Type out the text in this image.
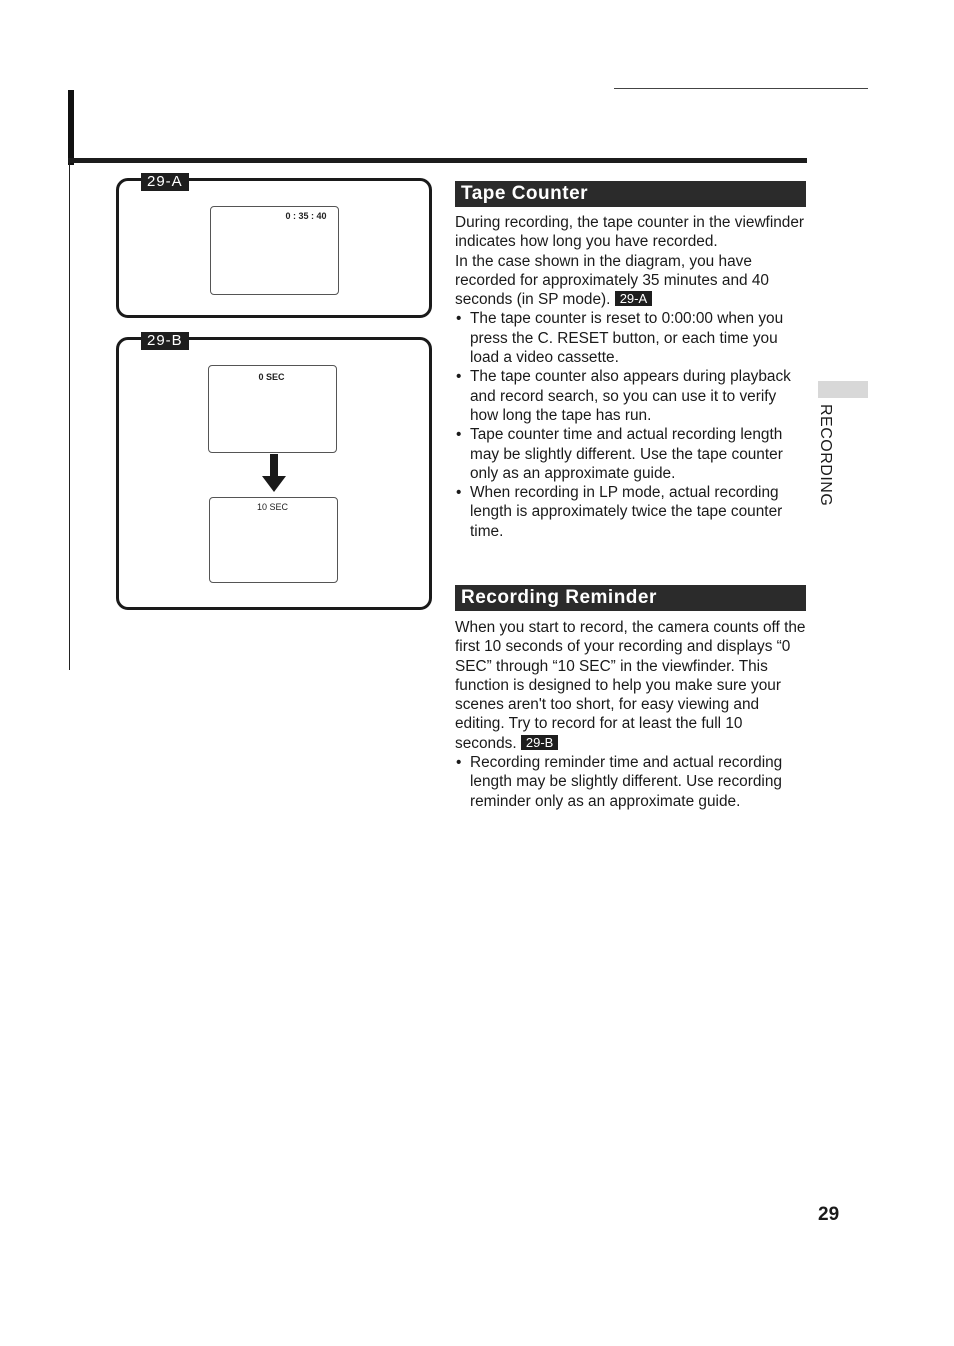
0 : 35 : 40
29-A
0 SEC
10 SEC
29-B
Tape Counter

During recording, the tape counter in the viewfinder indicates how long you have recorded.

In the case shown in the diagram, you have recorded for approximately 35 minutes and 40 seconds (in SP mode). 29-A

• The tape counter is reset to 0:00:00 when you press the C. RESET button, or each time you load a video cassette.
• The tape counter also appears during playback and record search, so you can use it to verify how long the tape has run.
• Tape counter time and actual recording length may be slightly different. Use the tape counter only as an approximate guide.
• When recording in LP mode, actual recording length is approximately twice the tape counter time.
Recording Reminder

When you start to record, the camera counts off the first 10 seconds of your recording and displays “0 SEC” through “10 SEC” in the viewfinder. This function is designed to help you make sure your scenes aren't too short, for easy viewing and editing. Try to record for at least the full 10 seconds. 29-B

• Recording reminder time and actual recording length may be slightly different. Use recording reminder only as an approximate guide.
RECORDING
29
